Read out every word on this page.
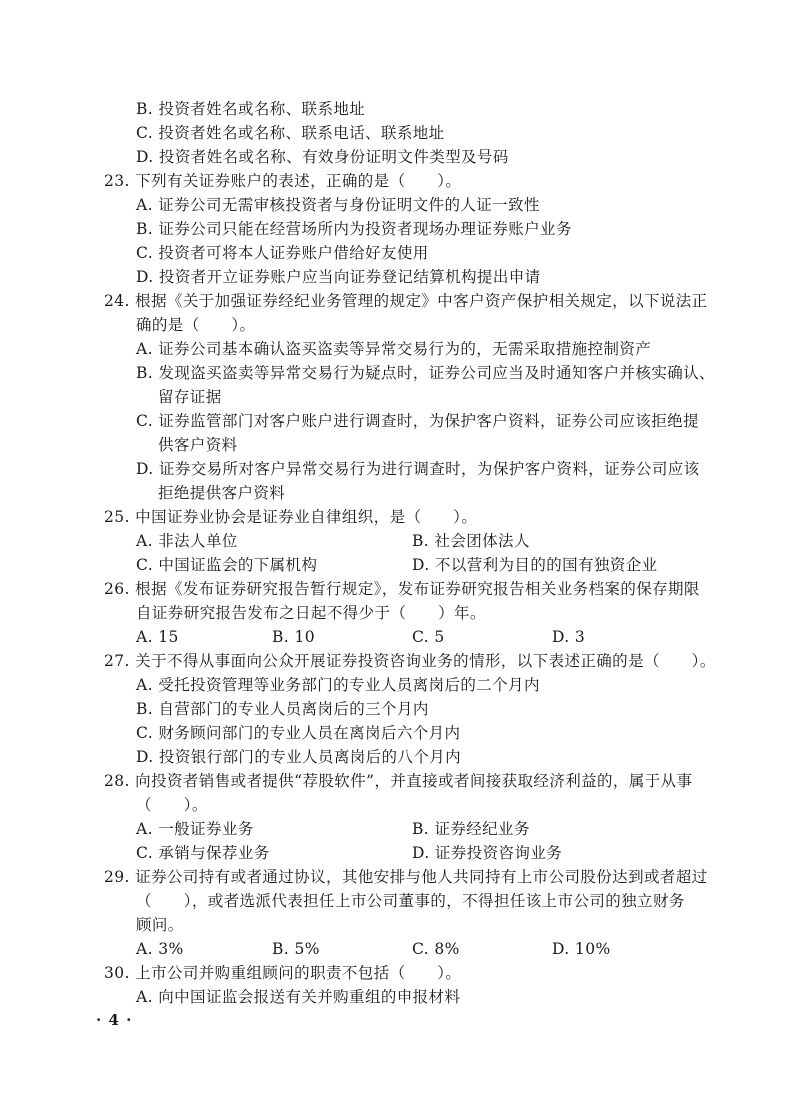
B. 投资者姓名或名称、联系地址
C. 投资者姓名或名称、联系电话、联系地址
D. 投资者姓名或名称、有效身份证明文件类型及号码
23. 下列有关证券账户的表述，正确的是（　　）。
A. 证券公司无需审核投资者与身份证明文件的人证一致性
B. 证券公司只能在经营场所内为投资者现场办理证券账户业务
C. 投资者可将本人证券账户借给好友使用
D. 投资者开立证券账户应当向证券登记结算机构提出申请
24. 根据《关于加强证券经纪业务管理的规定》中客户资产保护相关规定，以下说法正
确的是（　　）。
A. 证券公司基本确认盗买盗卖等异常交易行为的，无需采取措施控制资产
B. 发现盗买盗卖等异常交易行为疑点时，证券公司应当及时通知客户并核实确认、
留存证据
C. 证券监管部门对客户账户进行调查时，为保护客户资料，证券公司应该拒绝提
供客户资料
D. 证券交易所对客户异常交易行为进行调查时，为保护客户资料，证券公司应该
拒绝提供客户资料
25. 中国证券业协会是证券业自律组织，是（　　）。
A. 非法人单位	B. 社会团体法人
C. 中国证监会的下属机构	D. 不以营利为目的的国有独资企业
26. 根据《发布证券研究报告暂行规定》，发布证券研究报告相关业务档案的保存期限
自证券研究报告发布之日起不得少于（　　）年。
A. 15	B. 10	C. 5	D. 3
27. 关于不得从事面向公众开展证券投资咨询业务的情形，以下表述正确的是（　　）。
A. 受托投资管理等业务部门的专业人员离岗后的二个月内
B. 自营部门的专业人员离岗后的三个月内
C. 财务顾问部门的专业人员在离岗后六个月内
D. 投资银行部门的专业人员离岗后的八个月内
28. 向投资者销售或者提供“荐股软件”，并直接或者间接获取经济利益的，属于从事
（　　）。
A. 一般证券业务	B. 证券经纪业务
C. 承销与保荐业务	D. 证券投资咨询业务
29. 证券公司持有或者通过协议，其他安排与他人共同持有上市公司股份达到或者超过
（　　），或者选派代表担任上市公司董事的，不得担任该上市公司的独立财务
顾问。
A. 3%	B. 5%	C. 8%	D. 10%
30. 上市公司并购重组顾问的职责不包括（　　）。
A. 向中国证监会报送有关并购重组的申报材料
· 4 ·
